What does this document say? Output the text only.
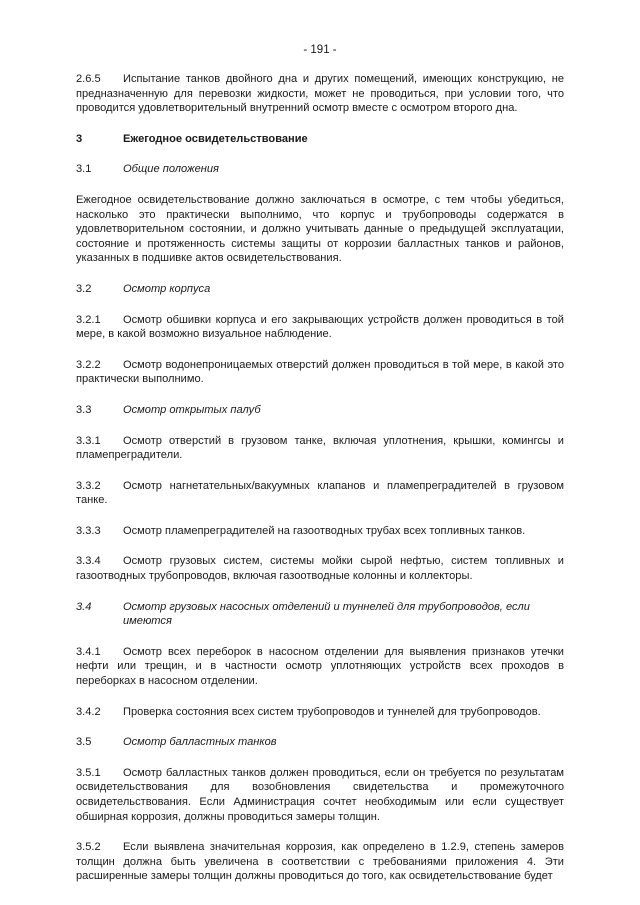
- 191 -
2.6.5 Испытание танков двойного дна и других помещений, имеющих конструкцию, не предназначенную для перевозки жидкости, может не проводиться, при условии того, что проводится удовлетворительный внутренний осмотр вместе с осмотром второго дна.
3	Ежегодное освидетельствование
3.1	Общие положения
Ежегодное освидетельствование должно заключаться в осмотре, с тем чтобы убедиться, насколько это практически выполнимо, что корпус и трубопроводы содержатся в удовлетворительном состоянии, и должно учитывать данные о предыдущей эксплуатации, состояние и протяженность системы защиты от коррозии балластных танков и районов, указанных в подшивке актов освидетельствования.
3.2	Осмотр корпуса
3.2.1 Осмотр обшивки корпуса и его закрывающих устройств должен проводиться в той мере, в какой возможно визуальное наблюдение.
3.2.2 Осмотр водонепроницаемых отверстий должен проводиться в той мере, в какой это практически выполнимо.
3.3	Осмотр открытых палуб
3.3.1 Осмотр отверстий в грузовом танке, включая уплотнения, крышки, комингсы и пламепреградители.
3.3.2 Осмотр нагнетательных/вакуумных клапанов и пламепреградителей в грузовом танке.
3.3.3 Осмотр пламепреградителей на газоотводных трубах всех топливных танков.
3.3.4 Осмотр грузовых систем, системы мойки сырой нефтью, систем топливных и газоотводных трубопроводов, включая газоотводные колонны и коллекторы.
3.4	Осмотр грузовых насосных отделений и туннелей для трубопроводов, если имеются
3.4.1 Осмотр всех переборок в насосном отделении для выявления признаков утечки нефти или трещин, и в частности осмотр уплотняющих устройств всех проходов в переборках в насосном отделении.
3.4.2 Проверка состояния всех систем трубопроводов и туннелей для трубопроводов.
3.5	Осмотр балластных танков
3.5.1 Осмотр балластных танков должен проводиться, если он требуется по результатам освидетельствования для возобновления свидетельства и промежуточного освидетельствования. Если Администрация сочтет необходимым или если существует обширная коррозия, должны проводиться замеры толщин.
3.5.2 Если выявлена значительная коррозия, как определено в 1.2.9, степень замеров толщин должна быть увеличена в соответствии с требованиями приложения 4. Эти расширенные замеры толщин должны проводиться до того, как освидетельствование будет
